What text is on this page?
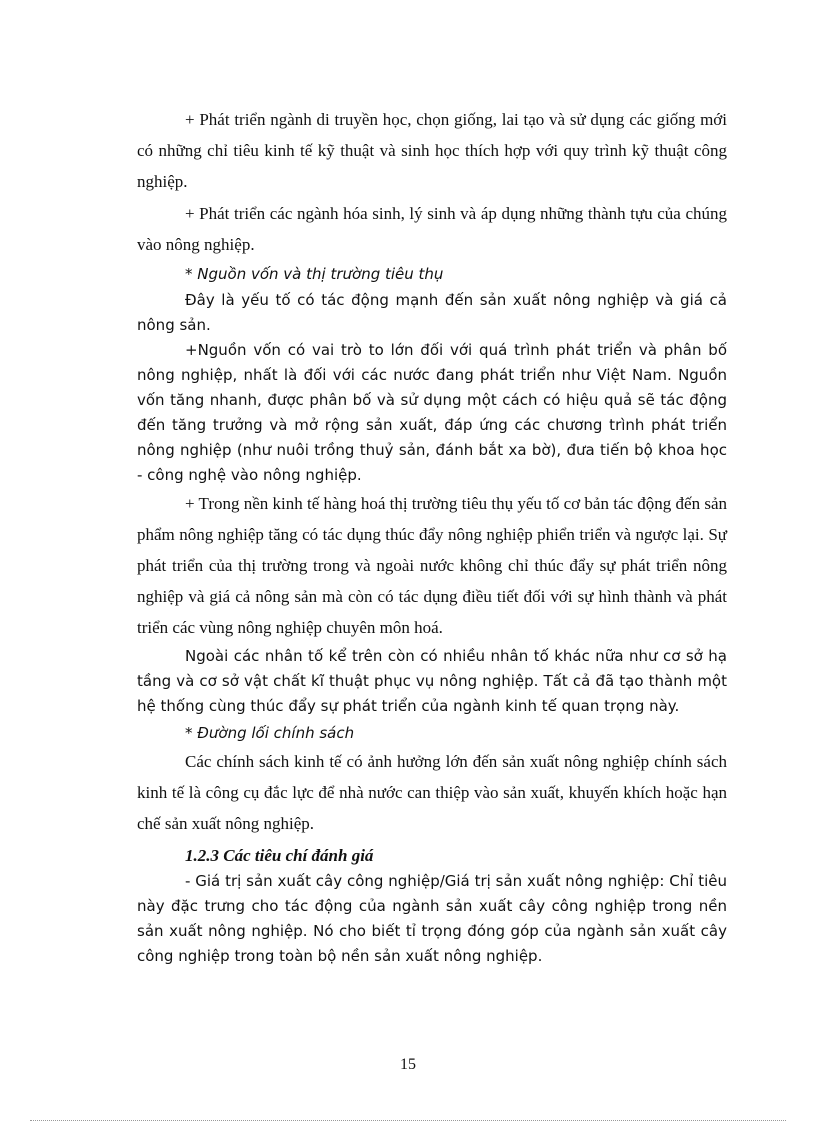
+ Phát triển ngành di truyền học, chọn giống, lai tạo và sử dụng các giống mới có những chỉ tiêu kinh tế kỹ thuật và sinh học thích hợp với quy trình kỹ thuật công nghiệp.

+ Phát triển các ngành hóa sinh, lý sinh và áp dụng những thành tựu của chúng vào nông nghiệp.

* Nguồn vốn và thị trường tiêu thụ

Đây là yếu tố có tác động mạnh đến sản xuất nông nghiệp và giá cả nông sản.

+Nguồn vốn có vai trò to lớn đối với quá trình phát triển và phân bố nông nghiệp, nhất là đối với các nước đang phát triển như Việt Nam. Nguồn vốn tăng nhanh, được phân bố và sử dụng một cách có hiệu quả sẽ tác động đến tăng trưởng và mở rộng sản xuất, đáp ứng các chương trình phát triển nông nghiệp (như nuôi trồng thuỷ sản, đánh bắt xa bờ), đưa tiến bộ khoa học - công nghệ vào nông nghiệp.

+ Trong nền kinh tế hàng hoá thị trường tiêu thụ yếu tố cơ bản tác động đến sản phẩm nông nghiệp tăng có tác dụng thúc đẩy nông nghiệp phiển triển và ngược lại. Sự phát triển của thị trường trong và ngoài nước không chỉ thúc đẩy sự phát triển nông nghiệp và giá cả nông sản mà còn có tác dụng điều tiết đối với sự hình thành và phát triển các vùng nông nghiệp chuyên môn hoá.

Ngoài các nhân tố kể trên còn có nhiều nhân tố khác nữa như cơ sở hạ tầng và cơ sở vật chất kĩ thuật phục vụ nông nghiệp. Tất cả đã tạo thành một hệ thống cùng thúc đẩy sự phát triển của ngành kinh tế quan trọng này.

* Đường lối chính sách

Các chính sách kinh tế có ảnh hưởng lớn đến sản xuất nông nghiệp chính sách kinh tế là công cụ đắc lực để nhà nước can thiệp vào sản xuất, khuyến khích hoặc hạn chế sản xuất nông nghiệp.

1.2.3 Các tiêu chí đánh giá

- Giá trị sản xuất cây công nghiệp/Giá trị sản xuất nông nghiệp: Chỉ tiêu này đặc trưng cho tác động của ngành sản xuất cây công nghiệp trong nền sản xuất nông nghiệp. Nó cho biết tỉ trọng đóng góp của ngành sản xuất cây công nghiệp trong toàn bộ nền sản xuất nông nghiệp.

15
